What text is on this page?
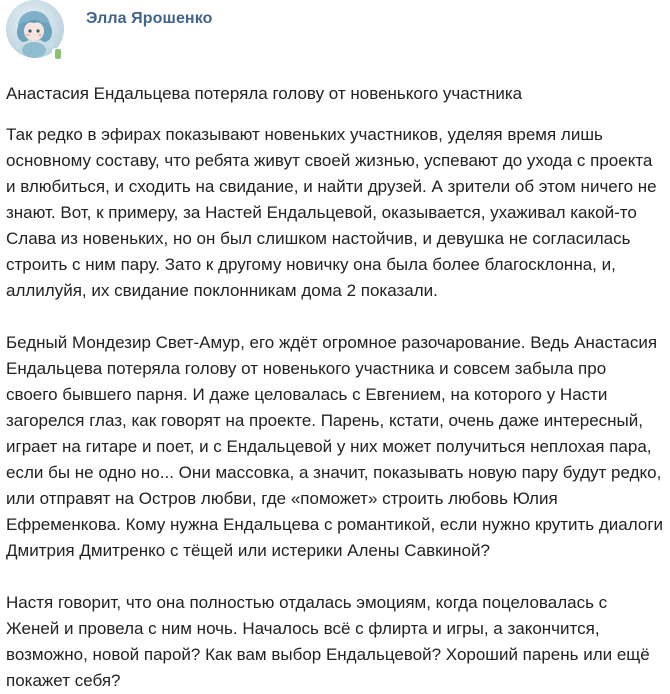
Элла Ярошенко
Анастасия Ендальцева потеряла голову от новенького участника
Так редко в эфирах показывают новеньких участников, уделяя время лишь
основному составу, что ребята живут своей жизнью, успевают до ухода с проекта
и влюбиться, и сходить на свидание, и найти друзей. А зрители об этом ничего не
знают. Вот, к примеру, за Настей Ендальцевой, оказывается, ухаживал какой-то
Слава из новеньких, но он был слишком настойчив, и девушка не согласилась
строить с ним пару. Зато к другому новичку она была более благосклонна, и,
аллилуйя, их свидание поклонникам дома 2 показали.
Бедный Мондезир Свет-Амур, его ждёт огромное разочарование. Ведь Анастасия
Ендальцева потеряла голову от новенького участника и совсем забыла про
своего бывшего парня. И даже целовалась с Евгением, на которого у Насти
загорелся глаз, как говорят на проекте. Парень, кстати, очень даже интересный,
играет на гитаре и поет, и с Ендальцевой у них может получиться неплохая пара,
если бы не одно но... Они массовка, а значит, показывать новую пару будут редко,
или отправят на Остров любви, где «поможет» строить любовь Юлия
Ефременкова. Кому нужна Ендальцева с романтикой, если нужно крутить диалоги
Дмитрия Дмитренко с тёщей или истерики Алены Савкиной?
Настя говорит, что она полностью отдалась эмоциям, когда поцеловалась с
Женей и провела с ним ночь. Началось всё с флирта и игры, а закончится,
возможно, новой парой? Как вам выбор Ендальцевой? Хороший парень или ещё
покажет себя?
